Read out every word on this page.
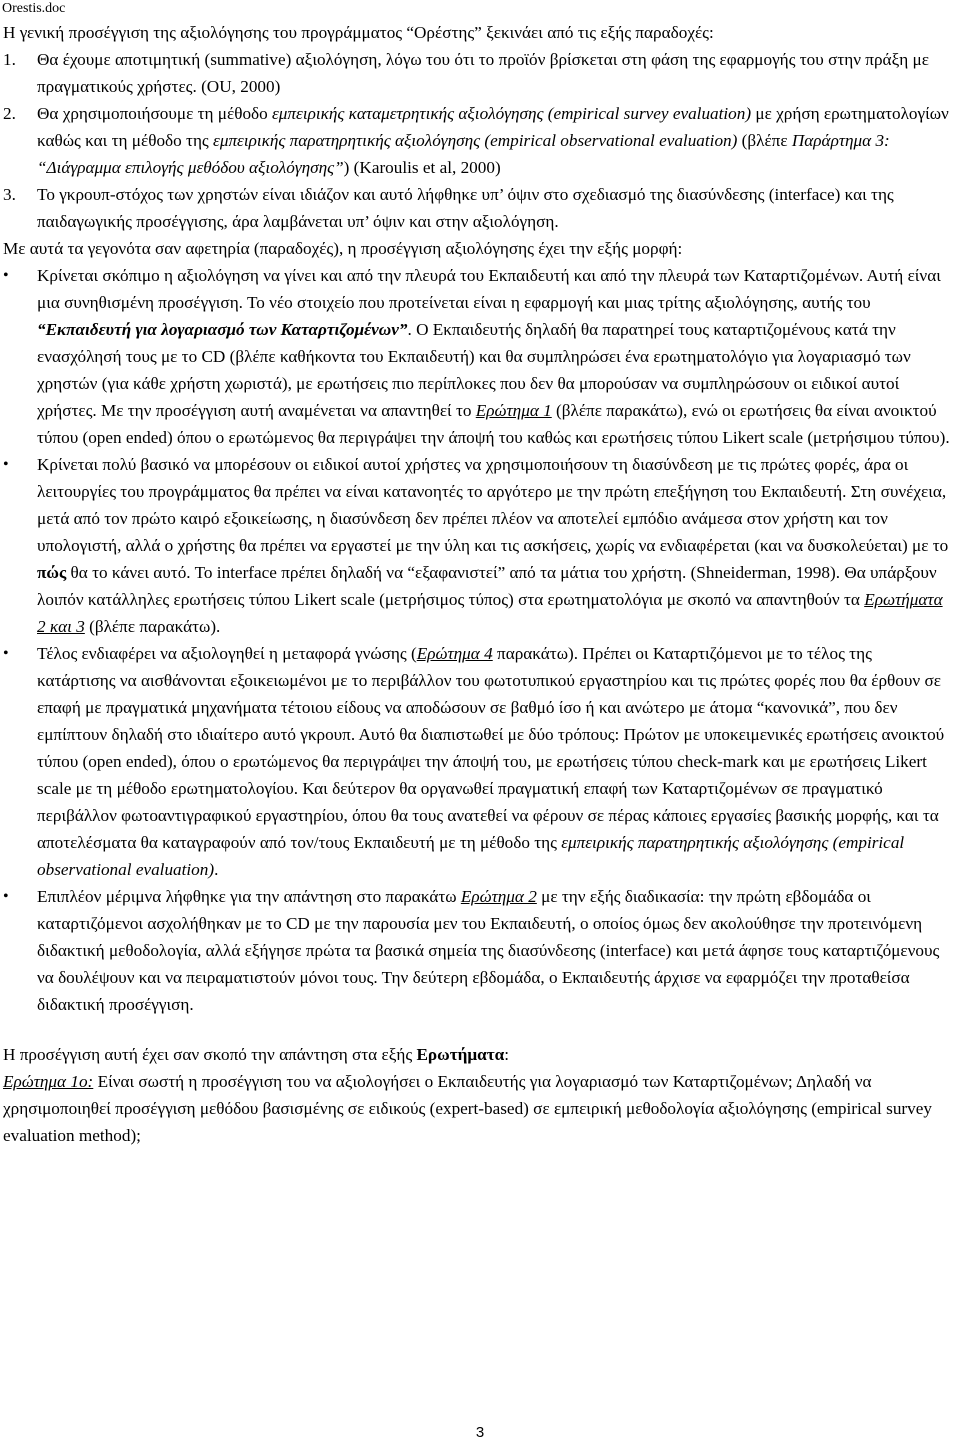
Orestis.doc

Η γενική προσέγγιση της αξιολόγησης του προγράμματος “Ορέστης” ξεκινάει από τις εξής παραδοχές:

1. Θα έχουμε αποτιμητική (summative) αξιολόγηση, λόγω του ότι το προϊόν βρίσκεται στη φάση της εφαρμογής του στην πράξη με πραγματικούς χρήστες. (OU, 2000)

2. Θα χρησιμοποιήσουμε τη μέθοδο εμπειρικής καταμετρητικής αξιολόγησης (empirical survey evaluation) με χρήση ερωτηματολογίων καθώς και τη μέθοδο της εμπειρικής παρατηρητικής αξιολόγησης (empirical observational evaluation) (βλέπε Παράρτημα 3: “Διάγραμμα επιλογής μεθόδου αξιολόγησης”) (Karoulis et al, 2000)

3. Το γκρουπ-στόχος των χρηστών είναι ιδιάζον και αυτό λήφθηκε υπ’ όψιν στο σχεδιασμό της διασύνδεσης (interface) και της παιδαγωγικής προσέγγισης, άρα λαμβάνεται υπ’ όψιν και στην αξιολόγηση.

Με αυτά τα γεγονότα σαν αφετηρία (παραδοχές), η προσέγγιση αξιολόγησης έχει την εξής μορφή:

•	Κρίνεται σκόπιμο η αξιολόγηση να γίνει και από την πλευρά του Εκπαιδευτή και από την πλευρά των Καταρτιζομένων. Αυτή είναι μια συνηθισμένη προσέγγιση. Το νέο στοιχείο που προτείνεται είναι η εφαρμογή και μιας τρίτης αξιολόγησης, αυτής του “Εκπαιδευτή για λογαριασμό των Καταρτιζομένων”. Ο Εκπαιδευτής δηλαδή θα παρατηρεί τους καταρτιζομένους κατά την ενασχόλησή τους με το CD (βλέπε καθήκοντα του Εκπαιδευτή) και θα συμπληρώσει ένα ερωτηματολόγιο για λογαριασμό των χρηστών (για κάθε χρήστη χωριστά), με ερωτήσεις πιο περίπλοκες που δεν θα μπορούσαν να συμπληρώσουν οι ειδικοί αυτοί χρήστες. Με την προσέγγιση αυτή αναμένεται να απαντηθεί το Ερώτημα 1 (βλέπε παρακάτω), ενώ οι ερωτήσεις θα είναι ανοικτού τύπου (open ended) όπου ο ερωτώμενος θα περιγράψει την άποψή του καθώς και ερωτήσεις τύπου Likert scale (μετρήσιμου τύπου).

•	Κρίνεται πολύ βασικό να μπορέσουν οι ειδικοί αυτοί χρήστες να χρησιμοποιήσουν τη διασύνδεση με τις πρώτες φορές, άρα οι λειτουργίες του προγράμματος θα πρέπει να είναι κατανοητές το αργότερο με την πρώτη επεξήγηση του Εκπαιδευτή. Στη συνέχεια, μετά από τον πρώτο καιρό εξοικείωσης, η διασύνδεση δεν πρέπει πλέον να αποτελεί εμπόδιο ανάμεσα στον χρήστη και τον υπολογιστή, αλλά ο χρήστης θα πρέπει να εργαστεί με την ύλη και τις ασκήσεις, χωρίς να ενδιαφέρεται (και να δυσκολεύεται) με το πώς θα το κάνει αυτό. Το interface πρέπει δηλαδή να “εξαφανιστεί” από τα μάτια του χρήστη. (Shneiderman, 1998). Θα υπάρξουν λοιπόν κατάλληλες ερωτήσεις τύπου Likert scale (μετρήσιμος τύπος) στα ερωτηματολόγια με σκοπό να απαντηθούν τα Ερωτήματα 2 και 3 (βλέπε παρακάτω).

•	Τέλος ενδιαφέρει να αξιολογηθεί η μεταφορά γνώσης (Ερώτημα 4 παρακάτω). Πρέπει οι Καταρτιζόμενοι με το τέλος της κατάρτισης να αισθάνονται εξοικειωμένοι με το περιβάλλον του φωτοτυπικού εργαστηρίου και τις πρώτες φορές που θα έρθουν σε επαφή με πραγματικά μηχανήματα τέτοιου είδους να αποδώσουν σε βαθμό ίσο ή και ανώτερο με άτομα “κανονικά”, που δεν εμπίπτουν δηλαδή στο ιδιαίτερο αυτό γκρουπ. Αυτό θα διαπιστωθεί με δύο τρόπους: Πρώτον με υποκειμενικές ερωτήσεις ανοικτού τύπου (open ended), όπου ο ερωτώμενος θα περιγράψει την άποψή του, με ερωτήσεις τύπου check-mark και με ερωτήσεις Likert scale με τη μέθοδο ερωτηματολογίου. Και δεύτερον θα οργανωθεί πραγματική επαφή των Καταρτιζομένων σε πραγματικό περιβάλλον φωτοαντιγραφικού εργαστηρίου, όπου θα τους ανατεθεί να φέρουν σε πέρας κάποιες εργασίες βασικής μορφής, και τα αποτελέσματα θα καταγραφούν από τον/τους Εκπαιδευτή με τη μέθοδο της εμπειρικής παρατηρητικής αξιολόγησης (empirical observational evaluation).

•	Επιπλέον μέριμνα λήφθηκε για την απάντηση στο παρακάτω Ερώτημα 2 με την εξής διαδικασία: την πρώτη εβδομάδα οι καταρτιζόμενοι ασχολήθηκαν με το CD με την παρουσία μεν του Εκπαιδευτή, ο οποίος όμως δεν ακολούθησε την προτεινόμενη διδακτική μεθοδολογία, αλλά εξήγησε πρώτα τα βασικά σημεία της διασύνδεσης (interface) και μετά άφησε τους καταρτιζόμενους να δουλέψουν και να πειραματιστούν μόνοι τους. Την δεύτερη εβδομάδα, ο Εκπαιδευτής άρχισε να εφαρμόζει την προταθείσα διδακτική προσέγγιση.

Η προσέγγιση αυτή έχει σαν σκοπό την απάντηση στα εξής Ερωτήματα:

Ερώτημα 1ο: Είναι σωστή η προσέγγιση του να αξιολογήσει ο Εκπαιδευτής για λογαριασμό των Καταρτιζομένων; Δηλαδή να χρησιμοποιηθεί προσέγγιση μεθόδου βασισμένης σε ειδικούς (expert-based) σε εμπειρική μεθοδολογία αξιολόγησης (empirical survey evaluation method);

3
